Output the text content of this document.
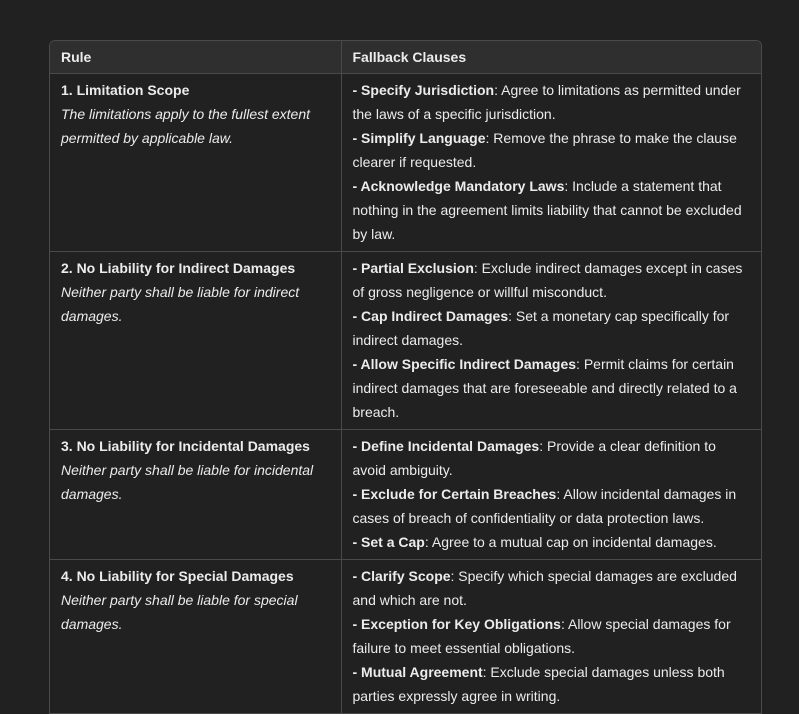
Rule	Fallback Clauses

1. Limitation Scope
The limitations apply to the fullest extent permitted by applicable law.	- Specify Jurisdiction: Agree to limitations as permitted under the laws of a specific jurisdiction.
- Simplify Language: Remove the phrase to make the clause clearer if requested.
- Acknowledge Mandatory Laws: Include a statement that nothing in the agreement limits liability that cannot be excluded by law.

2. No Liability for Indirect Damages
Neither party shall be liable for indirect damages.	- Partial Exclusion: Exclude indirect damages except in cases of gross negligence or willful misconduct.
- Cap Indirect Damages: Set a monetary cap specifically for indirect damages.
- Allow Specific Indirect Damages: Permit claims for certain indirect damages that are foreseeable and directly related to a breach.

3. No Liability for Incidental Damages
Neither party shall be liable for incidental damages.	- Define Incidental Damages: Provide a clear definition to avoid ambiguity.
- Exclude for Certain Breaches: Allow incidental damages in cases of breach of confidentiality or data protection laws.
- Set a Cap: Agree to a mutual cap on incidental damages.

4. No Liability for Special Damages
Neither party shall be liable for special damages.	- Clarify Scope: Specify which special damages are excluded and which are not.
- Exception for Key Obligations: Allow special damages for failure to meet essential obligations.
- Mutual Agreement: Exclude special damages unless both parties expressly agree in writing.
